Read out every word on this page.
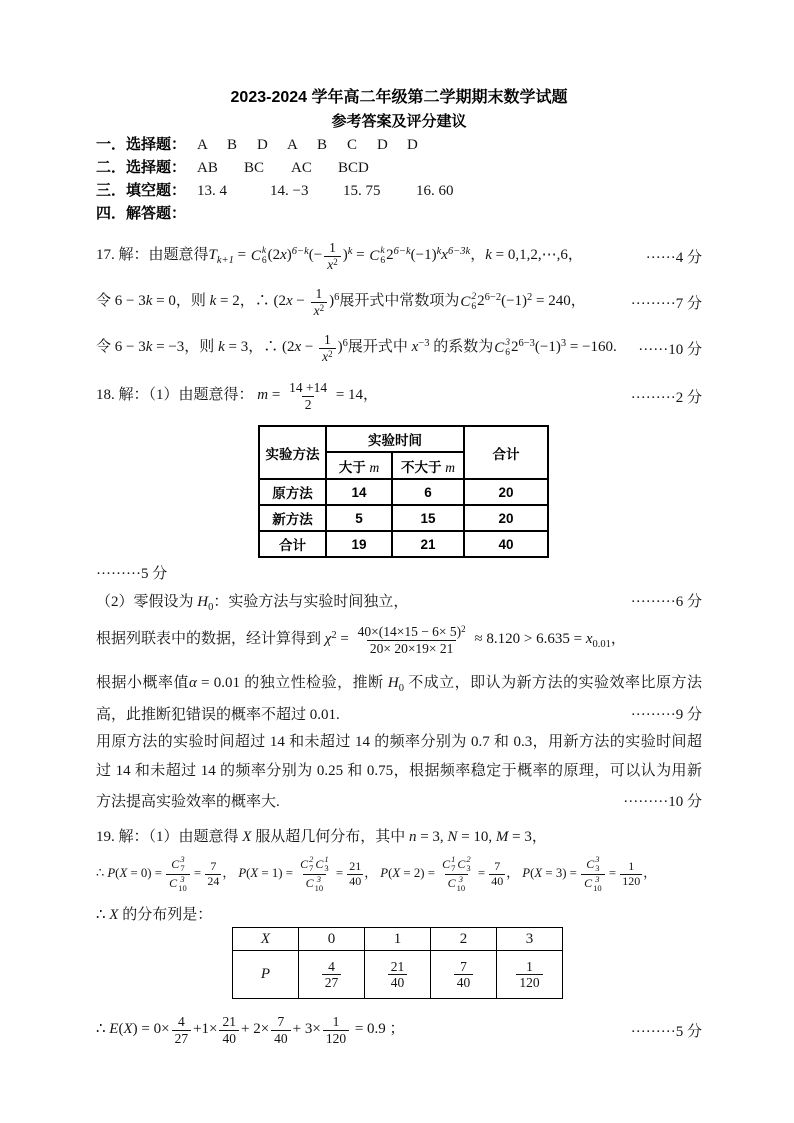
2023-2024 学年高二年级第二学期期末数学试题
参考答案及评分建议
一．选择题： A	B	D	A	B	C	D	D
二．选择题： AB	BC	AC	BCD
三．填空题： 13. 4	14. −3	15. 75	16. 60
四．解答题：
17. 解：由题意得$T_{k+1} = C$ k
6 $(2x)^{6-k}(- \frac{1}{x^2} )^k = C$ k
6 $2^{6-k}(-1)^kx^{6-3k}$，k = 0,1,2,⋯,6，	······4 分
令 6 − 3k = 0，则 k = 2，∴ $(2x - \frac{1}{x^2} )^6$展开式中常数项为 C 2
6 $2^{6-2}(-1)^2 = 240$，	·········7 分
令 6 − 3k = −3，则 k = 3，∴ $(2x - \frac{1}{x^2} )^6$展开式中 $x^{-3}$ 的系数为 C 3
6 $2^{6-3}(-1)^3 = -160$.	······10 分
18. 解：（1）由题意得： $m = \frac{14 +14}{2} = 14$，	·········2 分
实验方法	实验时间		合计
	大于 m	不大于 m	
原方法	14	6	20
新方法	5	15	20
合计	19	21	40
·········5 分
（2）零假设为 $H_0$：实验方法与实验时间独立，	·········6 分
根据列联表中的数据，经计算得到 $\chi^2 = \frac{40\times(14\times 15 - 6\times 5)^2}{20\times 20\times 19\times 21} \approx 8.120 > 6.635 = x_{0.01}$，
根据小概率值α = 0.01 的独立性检验，推断 $H_0$ 不成立，即认为新方法的实验效率比原方法
高，此推断犯错误的概率不超过 0.01.	·········9 分
用原方法的实验时间超过 14 和未超过 14 的频率分别为 0.7 和 0.3，用新方法的实验时间超
过 14 和未超过 14 的频率分别为 0.25 和 0.75，根据频率稳定于概率的原理，可以认为用新
方法提高实验效率的概率大.	·········10 分
19. 解：（1）由题意得 X 服从超几何分布，其中 n = 3, N = 10, M = 3，
∴ P(X = 0) = C 3
7
C 3
$10 = \frac{7}{24}$ ， P(X = 1) = C 2
7 C 1
3
C 3
$10 = \frac{21}{40}$ ， P(X = 2) = C 1
7 C 2
3
C 3
$10 = \frac{7}{40}$ ， P(X = 3) = C 3
3
C 3
$10 = \frac{1}{120}$ ，
∴ X 的分布列是：
X	0	1	2	3
P	$\frac{4}{27}$	$\frac{21}{40}$	$\frac{7}{40}$	$\frac{1}{120}$
∴ $E(X) = 0\times \frac{4}{27} +1\times \frac{21}{40} + 2\times \frac{7}{40} + 3\times \frac{1}{120} = 0.9$ ；	·········5 分
